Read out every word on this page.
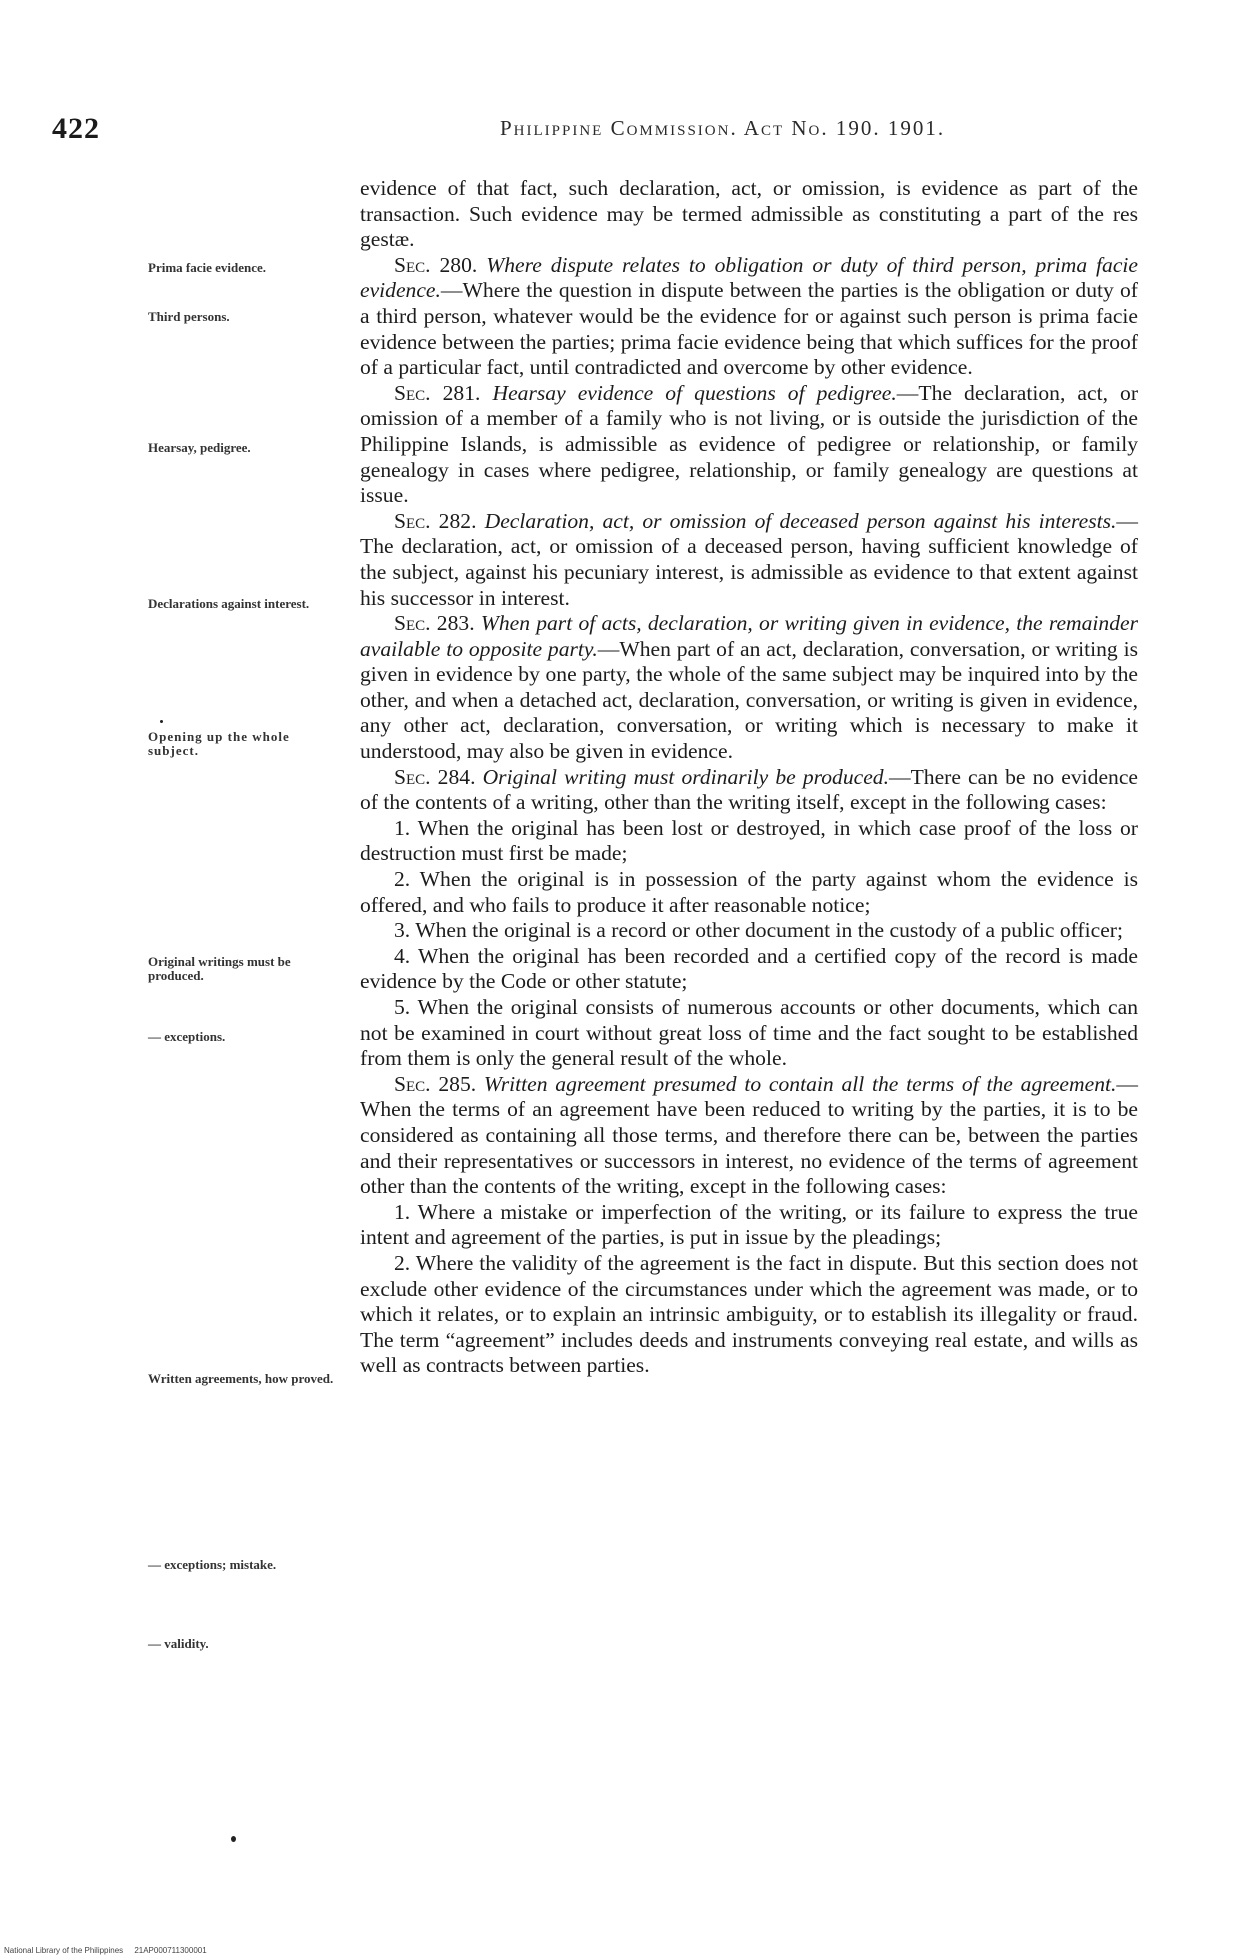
422	Philippine Commission. Act No. 190. 1901.
Prima facie evidence.
Third persons.
Hearsay, pedigree.
Declarations against interest.
Opening up the whole subject.
Original writings must be produced.
— exceptions.
Written agreements, how proved.
— exceptions; mistake.
— validity.

evidence of that fact, such declaration, act, or omission, is evidence as part of the transaction. Such evidence may be termed admissible as constituting a part of the res gestæ.

Sec. 280. Where dispute relates to obligation or duty of third person, prima facie evidence.—Where the question in dispute between the parties is the obligation or duty of a third person, whatever would be the evidence for or against such person is prima facie evidence between the parties; prima facie evidence being that which suffices for the proof of a particular fact, until contradicted and overcome by other evidence.

Sec. 281. Hearsay evidence of questions of pedigree.—The declaration, act, or omission of a member of a family who is not living, or is outside the jurisdiction of the Philippine Islands, is admissible as evidence of pedigree or relationship, or family genealogy in cases where pedigree, relationship, or family genealogy are questions at issue.

Sec. 282. Declaration, act, or omission of deceased person against his interests.—The declaration, act, or omission of a deceased person, having sufficient knowledge of the subject, against his pecuniary interest, is admissible as evidence to that extent against his successor in interest.

Sec. 283. When part of acts, declaration, or writing given in evidence, the remainder available to opposite party.—When part of an act, declaration, conversation, or writing is given in evidence by one party, the whole of the same subject may be inquired into by the other, and when a detached act, declaration, conversation, or writing is given in evidence, any other act, declaration, conversation, or writing which is necessary to make it understood, may also be given in evidence.

Sec. 284. Original writing must ordinarily be produced.—There can be no evidence of the contents of a writing, other than the writing itself, except in the following cases:

1. When the original has been lost or destroyed, in which case proof of the loss or destruction must first be made;

2. When the original is in possession of the party against whom the evidence is offered, and who fails to produce it after reasonable notice;

3. When the original is a record or other document in the custody of a public officer;

4. When the original has been recorded and a certified copy of the record is made evidence by the Code or other statute;

5. When the original consists of numerous accounts or other documents, which can not be examined in court without great loss of time and the fact sought to be established from them is only the general result of the whole.

Sec. 285. Written agreement presumed to contain all the terms of the agreement.—When the terms of an agreement have been reduced to writing by the parties, it is to be considered as containing all those terms, and therefore there can be, between the parties and their representatives or successors in interest, no evidence of the terms of agreement other than the contents of the writing, except in the following cases:

1. Where a mistake or imperfection of the writing, or its failure to express the true intent and agreement of the parties, is put in issue by the pleadings;

2. Where the validity of the agreement is the fact in dispute. But this section does not exclude other evidence of the circumstances under which the agreement was made, or to which it relates, or to explain an intrinsic ambiguity, or to establish its illegality or fraud. The term “agreement” includes deeds and instruments conveying real estate, and wills as well as contracts between parties.

National Library of the Philippines 21AP000711300001
